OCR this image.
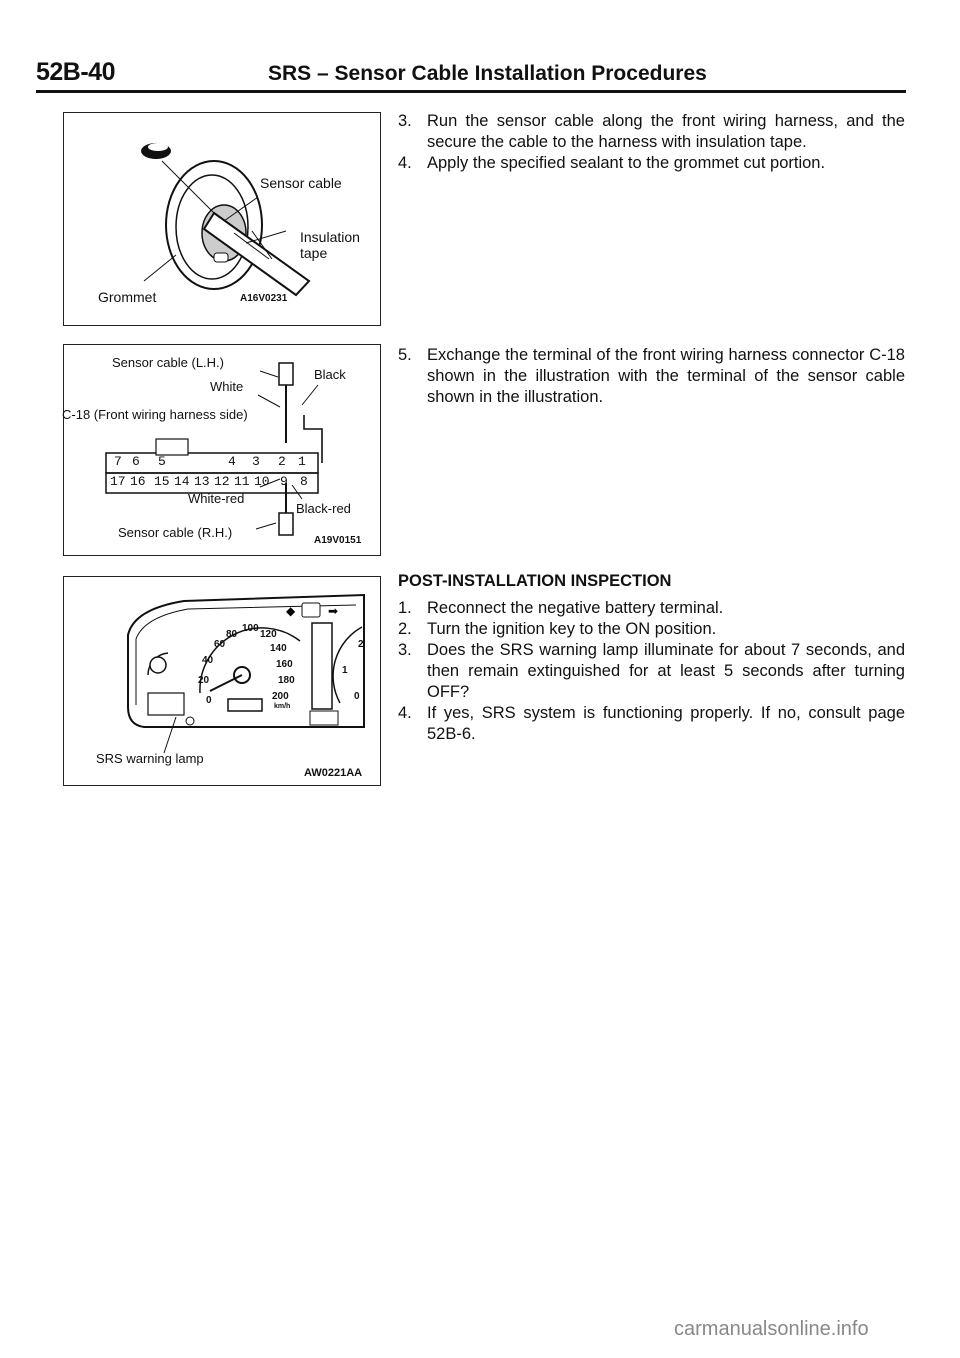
52B-40	SRS – Sensor Cable Installation Procedures
Sensor cable
Insulation
tape
Grommet	A16V0231
Sensor cable (L.H.)
Black
White
C-18 (Front wiring harness side)
7 6 5	4 3 2 1
17 16 15 14 13 12 11 10 9 8
White-red
Black-red
Sensor cable (R.H.)
A19V0151
◆	➡
0
20
40
60
80
100
120
140
160
180
200
km/h
2
1
0
SRS warning lamp
AW0221AA
3. Run the sensor cable along the front wiring harness, and the secure the cable to the harness with insulation tape.
4. Apply the specified sealant to the grommet cut portion.
5. Exchange the terminal of the front wiring harness connector C-18 shown in the illustration with the terminal of the sensor cable shown in the illustration.
POST-INSTALLATION INSPECTION
1. Reconnect the negative battery terminal.
2. Turn the ignition key to the ON position.
3. Does the SRS warning lamp illuminate for about 7 seconds, and then remain extinguished for at least 5 seconds after turning OFF?
4. If yes, SRS system is functioning properly. If no, consult page 52B-6.
carmanualsonline.info
